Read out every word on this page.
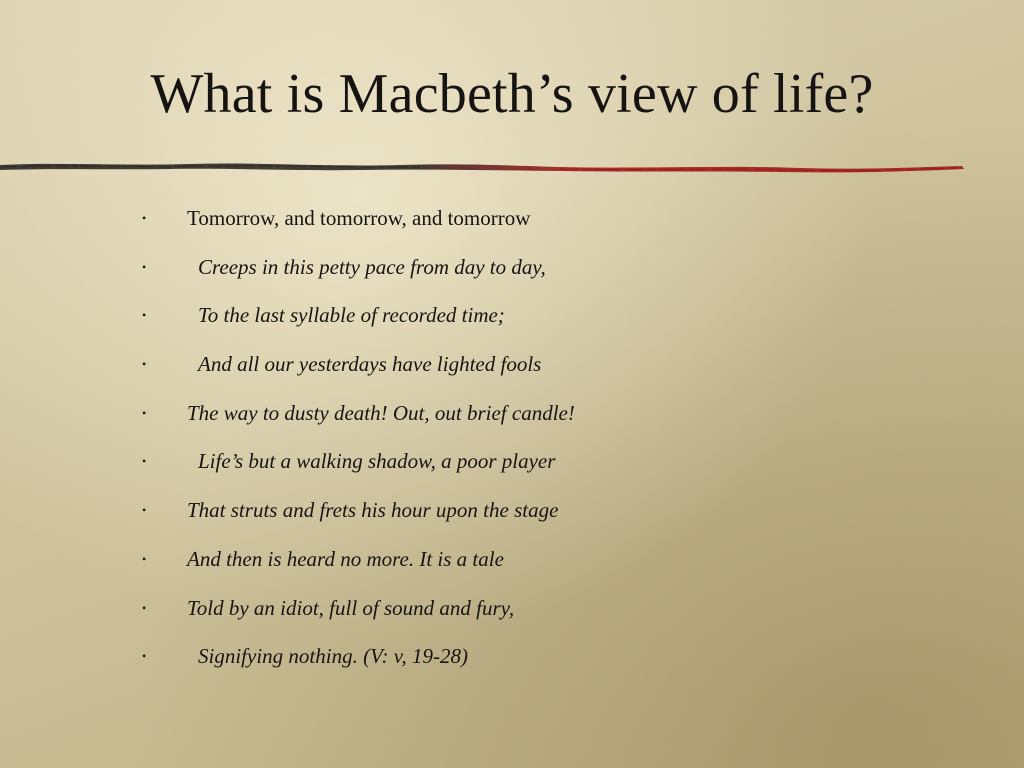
What is Macbeth’s view of life?
•	Tomorrow, and tomorrow, and tomorrow
•	Creeps in this petty pace from day to day,
•	To the last syllable of recorded time;
•	And all our yesterdays have lighted fools
•	The way to dusty death! Out, out brief candle!
•	Life’s but a walking shadow, a poor player
•	That struts and frets his hour upon the stage
•	And then is heard no more. It is a tale
•	Told by an idiot, full of sound and fury,
•	Signifying nothing. (V: v, 19-28)
